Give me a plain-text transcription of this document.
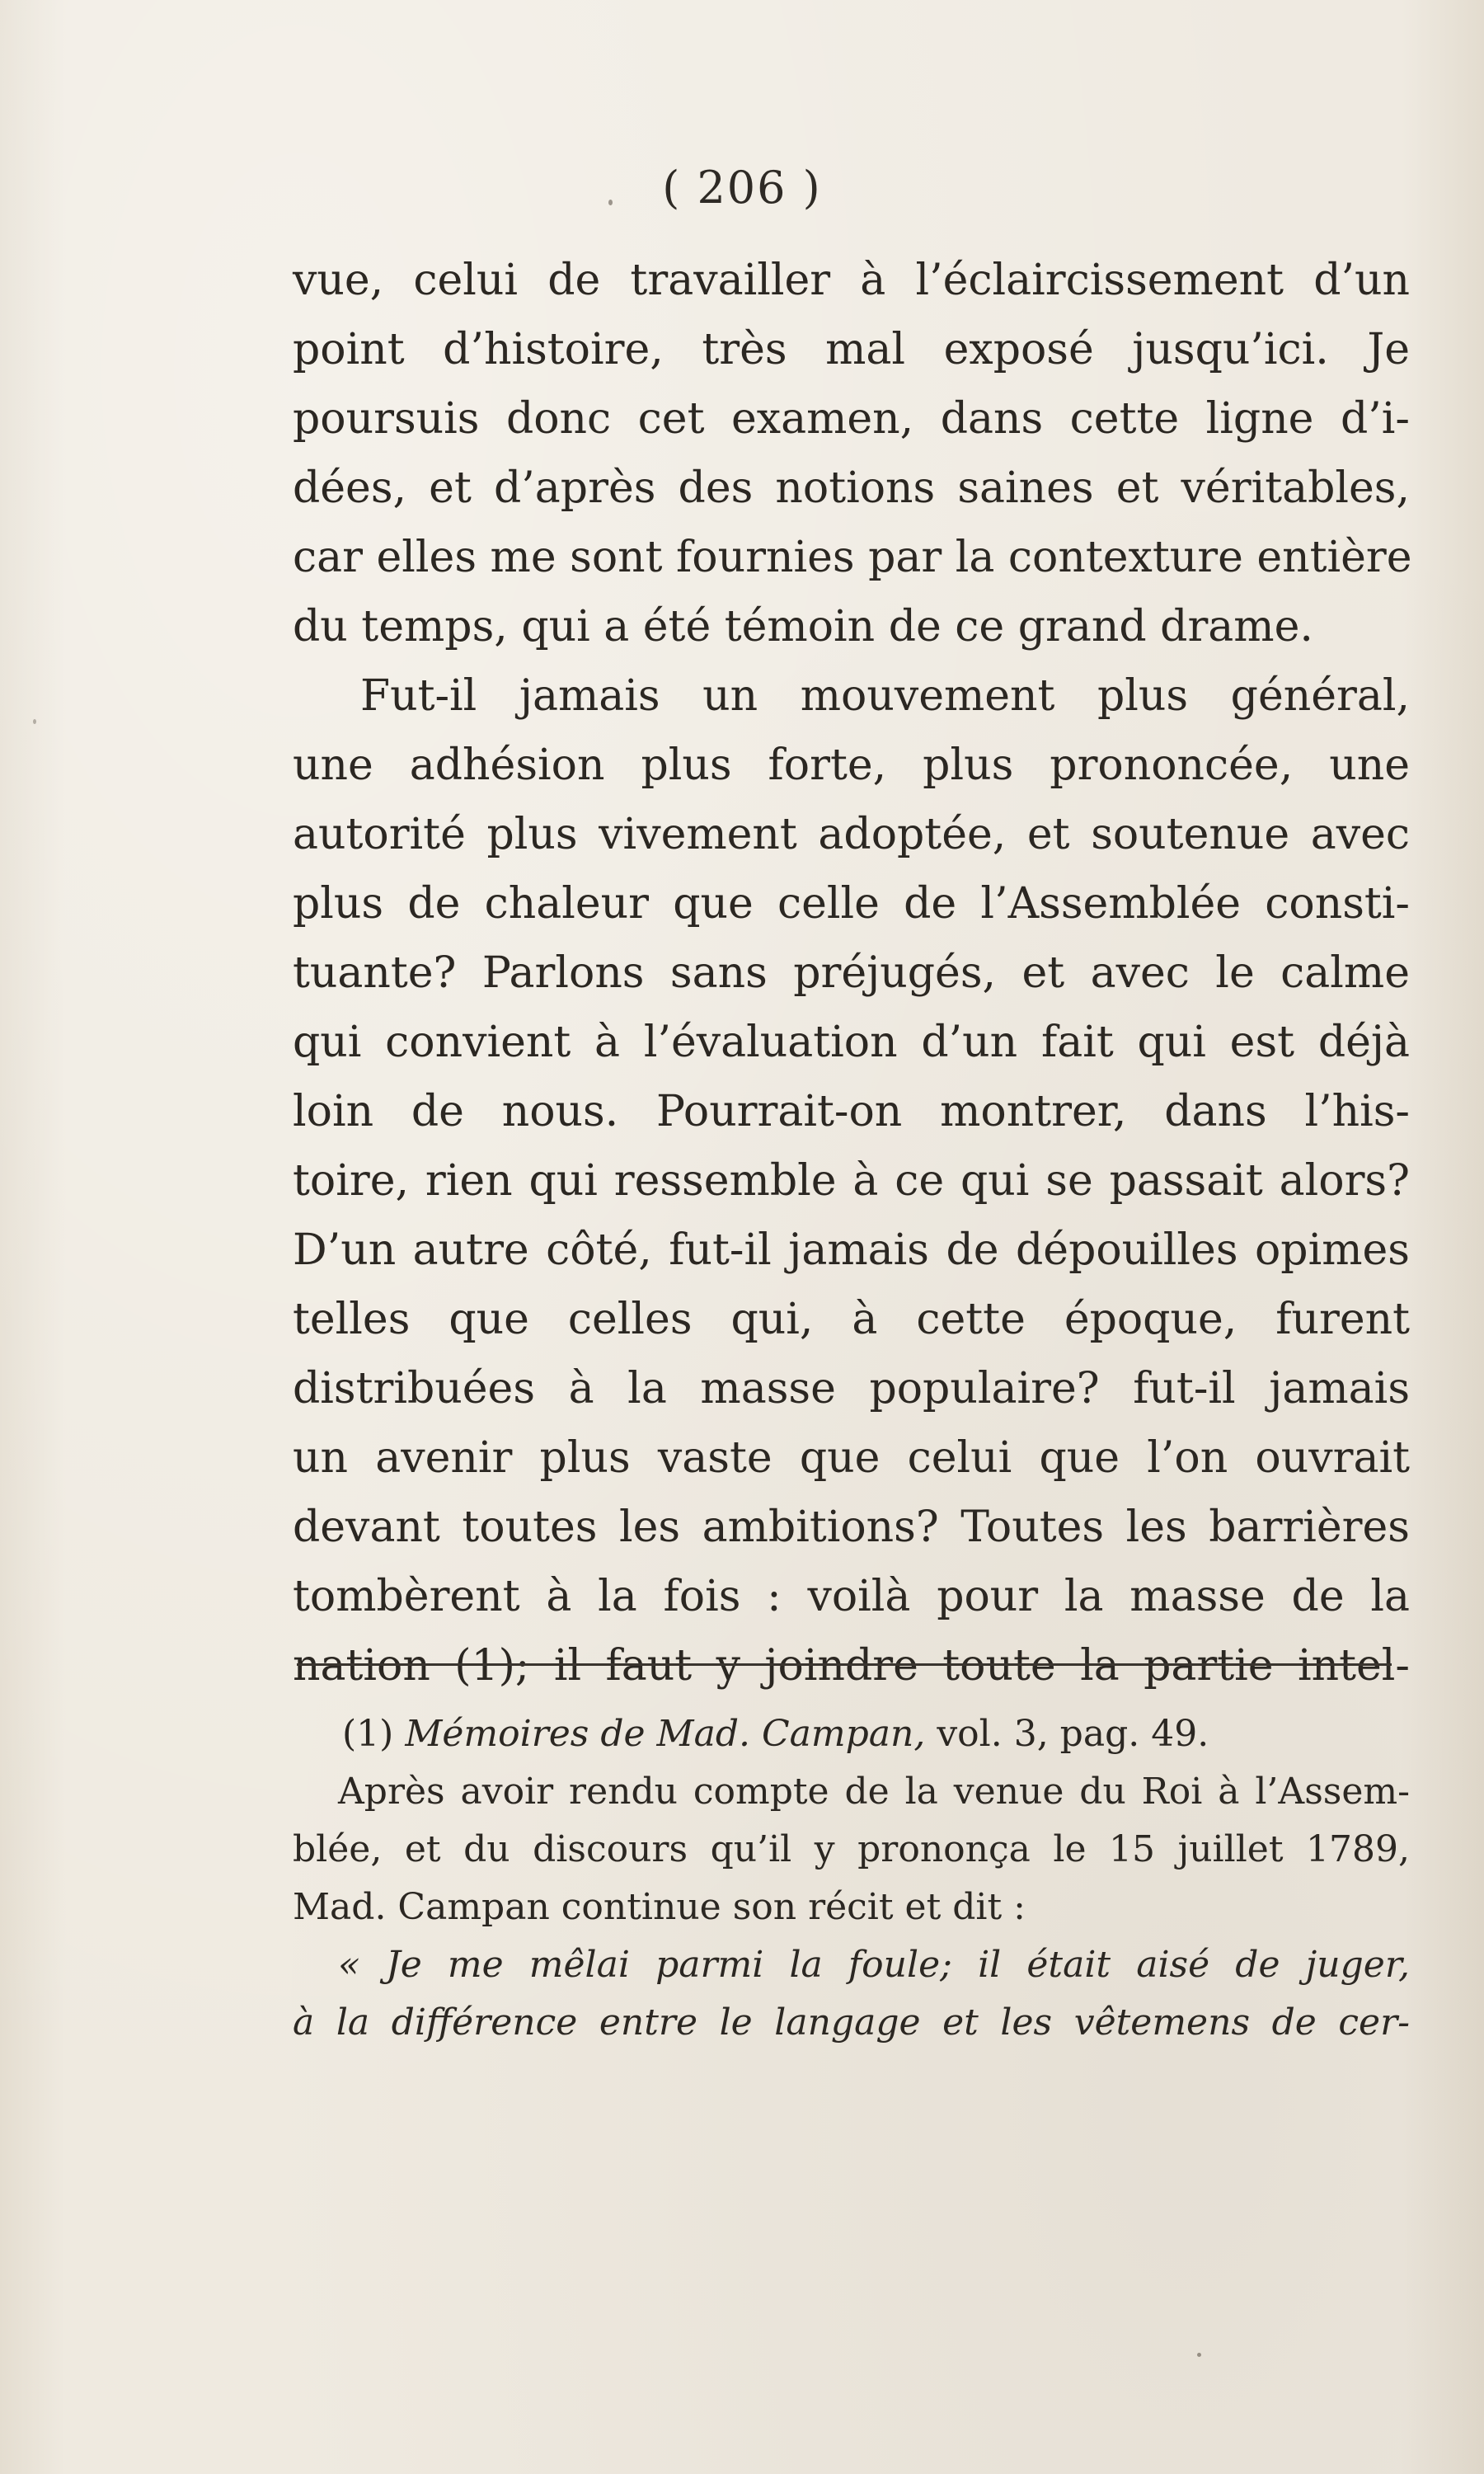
( 206 )
vue, celui de travailler à l’éclaircissement d’un
point d’histoire, très mal exposé jusqu’ici. Je
poursuis donc cet examen, dans cette ligne d’i-
dées, et d’après des notions saines et véritables,
car elles me sont fournies par la contexture entière
du temps, qui a été témoin de ce grand drame.
Fut-il jamais un mouvement plus général,
une adhésion plus forte, plus prononcée, une
autorité plus vivement adoptée, et soutenue avec
plus de chaleur que celle de l’Assemblée consti-
tuante? Parlons sans préjugés, et avec le calme
qui convient à l’évaluation d’un fait qui est déjà
loin de nous. Pourrait-on montrer, dans l’his-
toire, rien qui ressemble à ce qui se passait alors?
D’un autre côté, fut-il jamais de dépouilles opimes
telles que celles qui, à cette époque, furent
distribuées à la masse populaire? fut-il jamais
un avenir plus vaste que celui que l’on ouvrait
devant toutes les ambitions? Toutes les barrières
tombèrent à la fois : voilà pour la masse de la
nation (1); il faut y joindre toute la partie intel-
(1) Mémoires de Mad. Campan, vol. 3, pag. 49.
Après avoir rendu compte de la venue du Roi à l’Assem-
blée, et du discours qu’il y prononça le 15 juillet 1789,
Mad. Campan continue son récit et dit :
« Je me mêlai parmi la foule; il était aisé de juger,
à la différence entre le langage et les vêtemens de cer-
